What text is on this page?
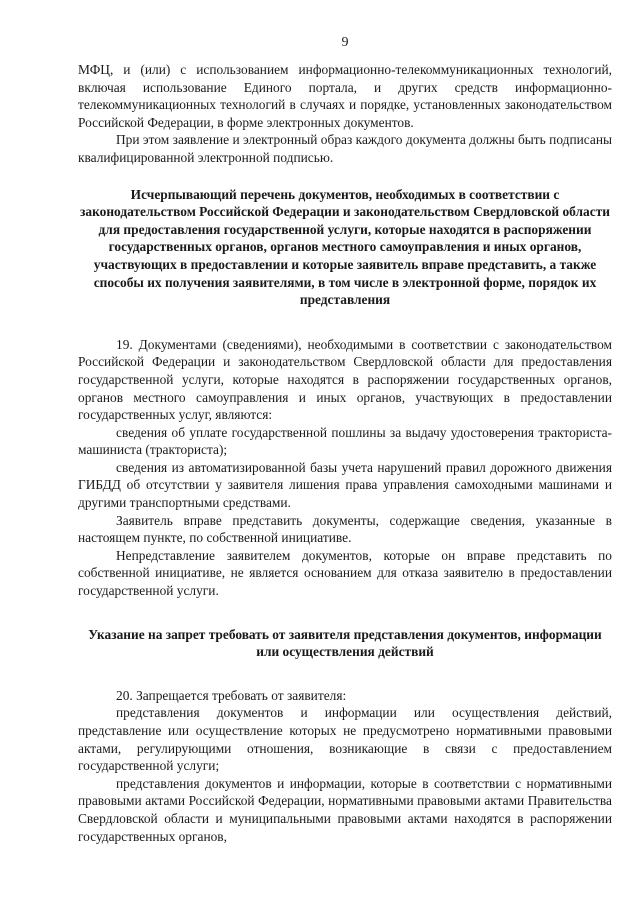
9

МФЦ, и (или) с использованием информационно-телекоммуникационных технологий, включая использование Единого портала, и других средств информационно-телекоммуникационных технологий в случаях и порядке, установленных законодательством Российской Федерации, в форме электронных документов.

При этом заявление и электронный образ каждого документа должны быть подписаны квалифицированной электронной подписью.

Исчерпывающий перечень документов, необходимых в соответствии с законодательством Российской Федерации и законодательством Свердловской области для предоставления государственной услуги, которые находятся в распоряжении государственных органов, органов местного самоуправления и иных органов, участвующих в предоставлении и которые заявитель вправе представить, а также способы их получения заявителями, в том числе в электронной форме, порядок их представления

19. Документами (сведениями), необходимыми в соответствии с законодательством Российской Федерации и законодательством Свердловской области для предоставления государственной услуги, которые находятся в распоряжении государственных органов, органов местного самоуправления и иных органов, участвующих в предоставлении государственных услуг, являются:

сведения об уплате государственной пошлины за выдачу удостоверения тракториста-машиниста (тракториста);

сведения из автоматизированной базы учета нарушений правил дорожного движения ГИБДД об отсутствии у заявителя лишения права управления самоходными машинами и другими транспортными средствами.

Заявитель вправе представить документы, содержащие сведения, указанные в настоящем пункте, по собственной инициативе.

Непредставление заявителем документов, которые он вправе представить по собственной инициативе, не является основанием для отказа заявителю в предоставлении государственной услуги.

Указание на запрет требовать от заявителя представления документов, информации или осуществления действий

20. Запрещается требовать от заявителя:

представления документов и информации или осуществления действий, представление или осуществление которых не предусмотрено нормативными правовыми актами, регулирующими отношения, возникающие в связи с предоставлением государственной услуги;

представления документов и информации, которые в соответствии с нормативными правовыми актами Российской Федерации, нормативными правовыми актами Правительства Свердловской области и муниципальными правовыми актами находятся в распоряжении государственных органов,
